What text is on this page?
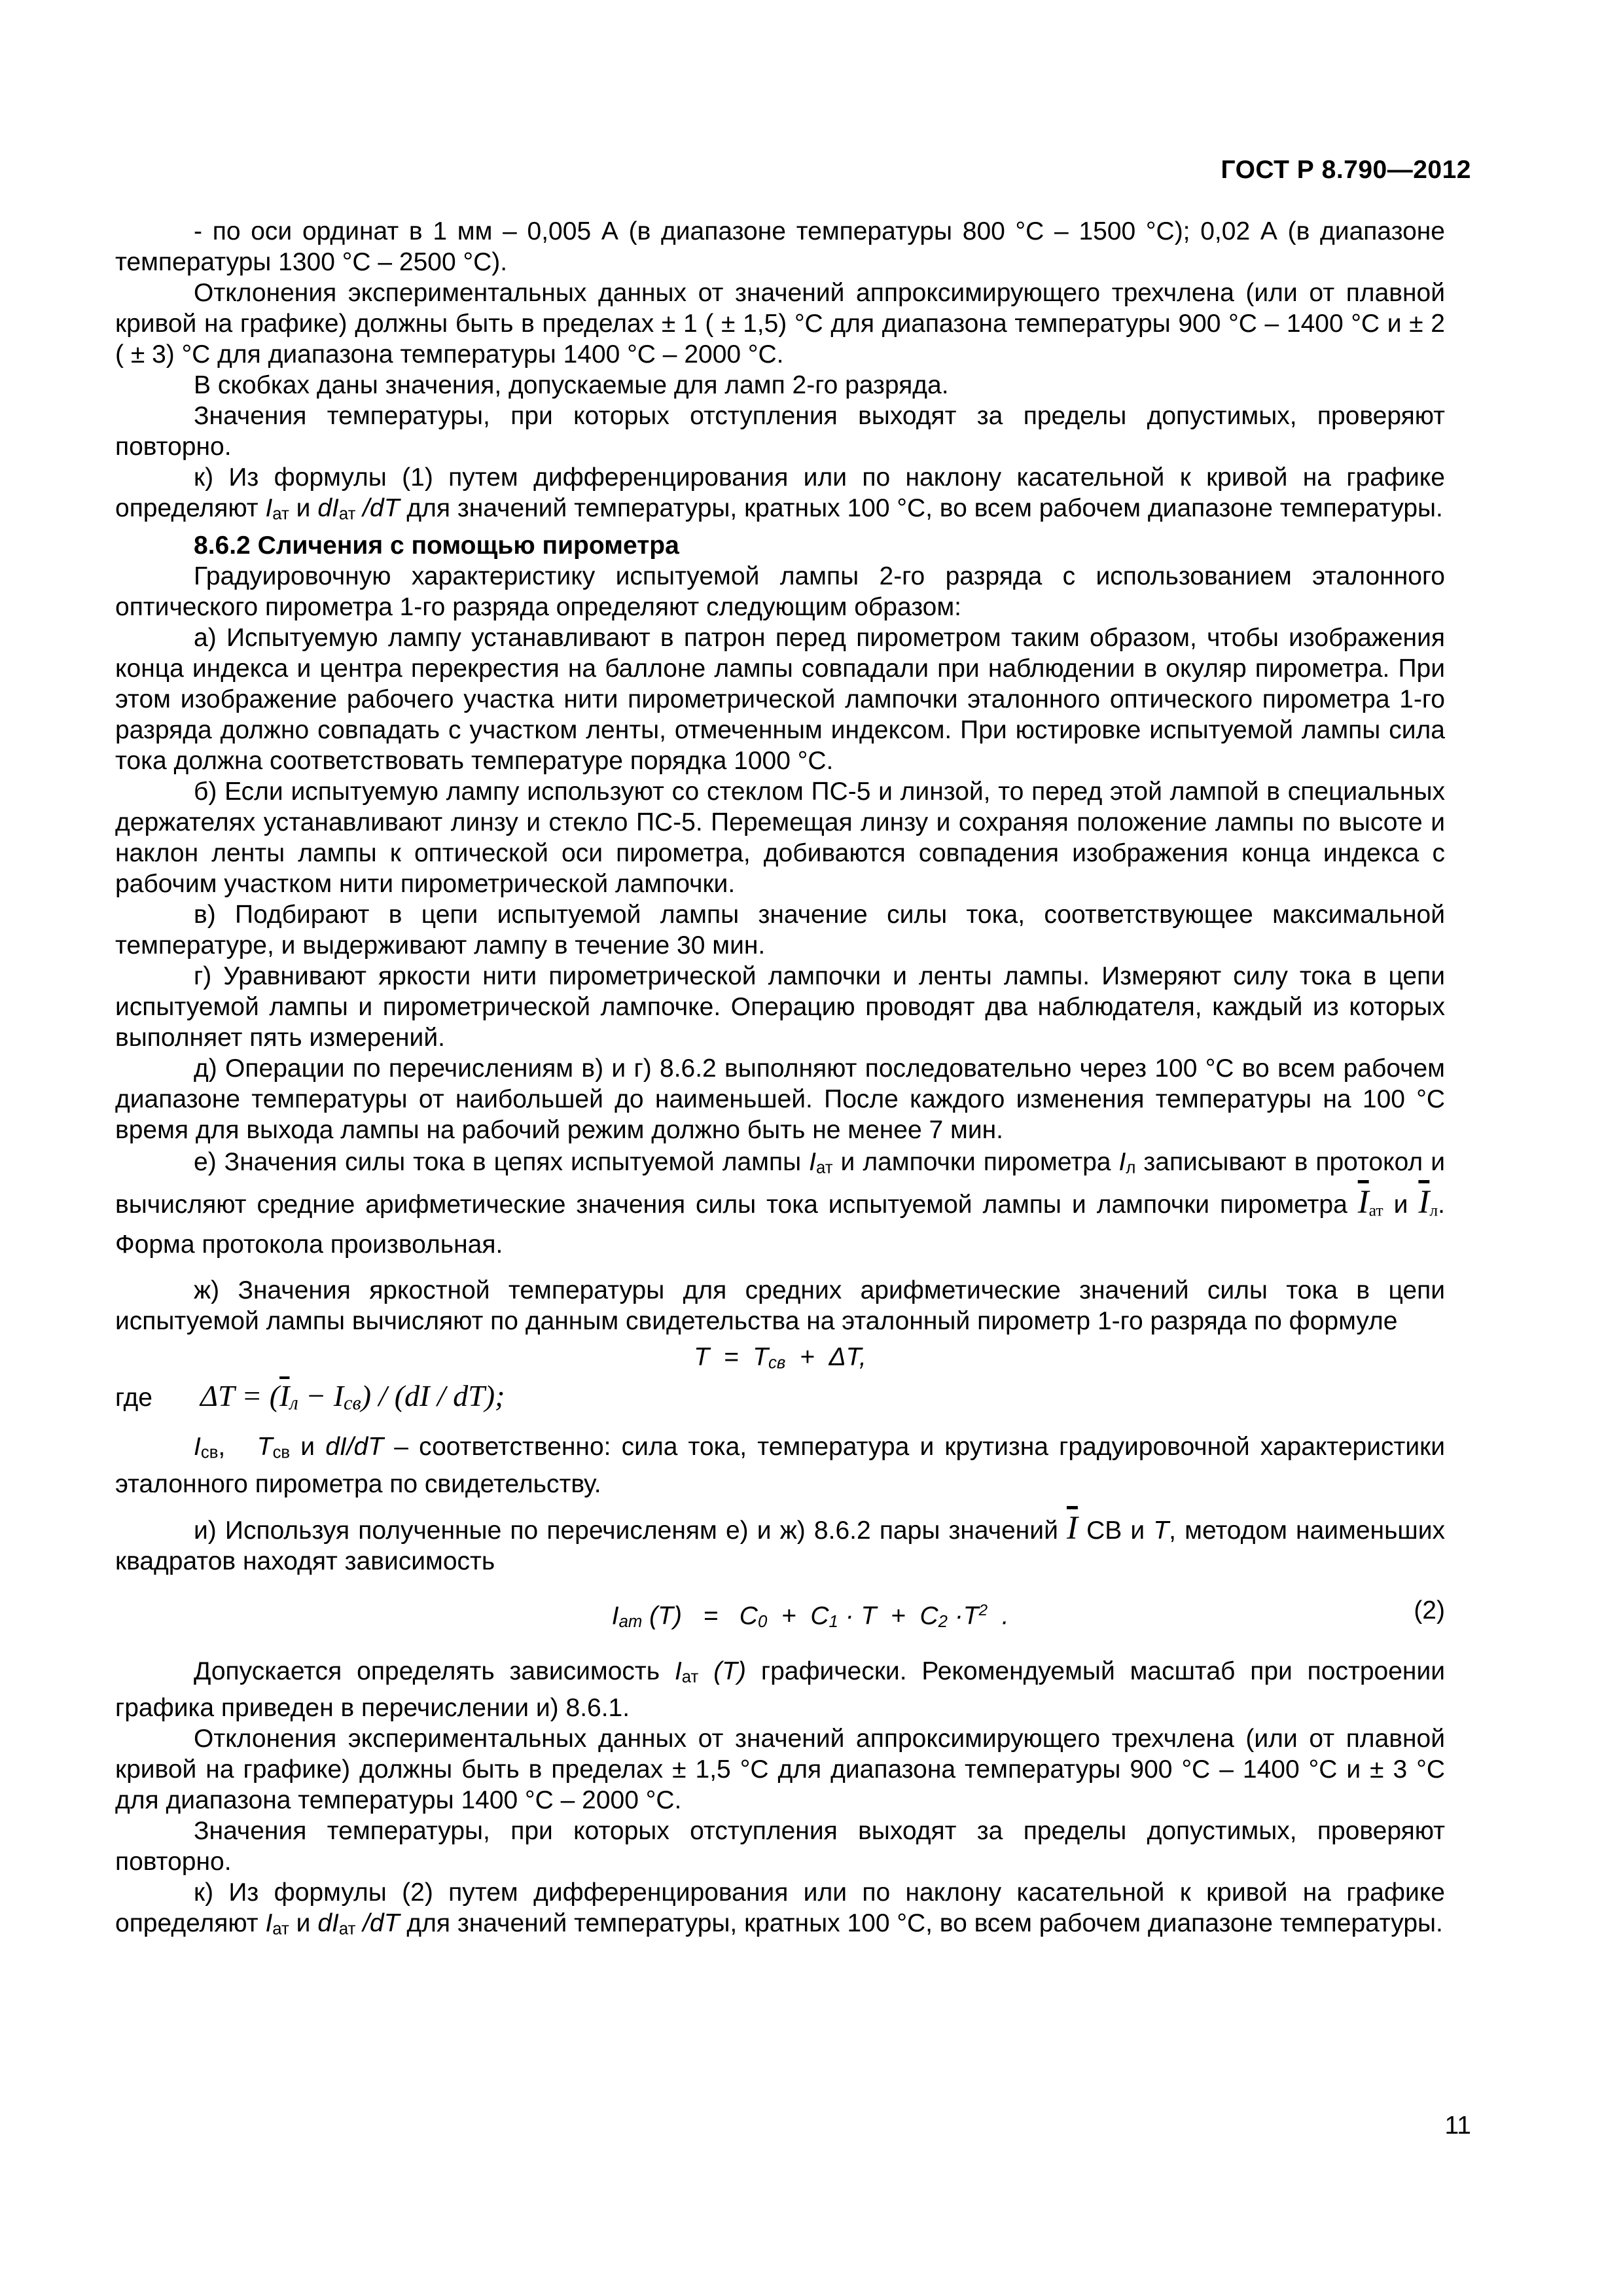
ГОСТ Р 8.790—2012

- по оси ординат в 1 мм – 0,005 А (в диапазоне температуры 800 °С – 1500 °С); 0,02 А (в диапазоне температуры 1300 °С – 2500 °С).

Отклонения экспериментальных данных от значений аппроксимирующего трехчлена (или от плавной кривой на графике) должны быть в пределах ± 1 ( ± 1,5) °С для диапазона температуры 900 °С – 1400 °С и ± 2 ( ± 3) °С для диапазона температуры 1400 °С – 2000 °С.

В скобках даны значения, допускаемые для ламп 2-го разряда.

Значения температуры, при которых отступления выходят за пределы допустимых, проверяют повторно.

к) Из формулы (1) путем дифференцирования или по наклону касательной к кривой на графике определяют Iат и dIат /dT для значений температуры, кратных 100 °С, во всем рабочем диапазоне температуры.

8.6.2 Сличения с помощью пирометра

Градуировочную характеристику испытуемой лампы 2-го разряда с использованием эталонного оптического пирометра 1-го разряда определяют следующим образом:

а) Испытуемую лампу устанавливают в патрон перед пирометром таким образом, чтобы изображения конца индекса и центра перекрестия на баллоне лампы совпадали при наблюдении в окуляр пирометра. При этом изображение рабочего участка нити пирометрической лампочки эталонного оптического пирометра 1-го разряда должно совпадать с участком ленты, отмеченным индексом. При юстировке испытуемой лампы сила тока должна соответствовать температуре порядка 1000 °С.

б) Если испытуемую лампу используют со стеклом ПС-5 и линзой, то перед этой лампой в специальных держателях устанавливают линзу и стекло ПС-5. Перемещая линзу и сохраняя положение лампы по высоте и наклон ленты лампы к оптической оси пирометра, добиваются совпадения изображения конца индекса с рабочим участком нити пирометрической лампочки.

в) Подбирают в цепи испытуемой лампы значение силы тока, соответствующее максимальной температуре, и выдерживают лампу в течение 30 мин.

г) Уравнивают яркости нити пирометрической лампочки и ленты лампы. Измеряют силу тока в цепи испытуемой лампы и пирометрической лампочке. Операцию проводят два наблюдателя, каждый из которых выполняет пять измерений.

д) Операции по перечислениям в) и г) 8.6.2 выполняют последовательно через 100 °С во всем рабочем диапазоне температуры от наибольшей до наименьшей. После каждого изменения температуры на 100 °С время для выхода лампы на рабочий режим должно быть не менее 7 мин.

е) Значения силы тока в цепях испытуемой лампы Iат и лампочки пирометра Iл записывают в протокол и вычисляют средние арифметические значения силы тока испытуемой лампы и лампочки пирометра $\overline{I}ат$ и $\overline{I}л$. Форма протокола произвольная.

ж) Значения яркостной температуры для средних арифметические значений силы тока в цепи испытуемой лампы вычисляют по данным свидетельства на эталонный пирометр 1-го разряда по формуле

T  =  Tсв  +  ΔT,

где	$\Delta T = (\overline{I}л - Iсв) / (dI / dT)$;

Iсв,   Tсв и dI/dT – соответственно: сила тока, температура и крутизна градуировочной характеристики эталонного пирометра по свидетельству.

и) Используя полученные по перечисленям е) и ж) 8.6.2 пары значений $\overline{I}$ СВ и T, методом наименьших квадратов находят зависимость

Iam $(T) = C0 + C1 \cdot T + C2 \cdot T^2$ .	(2)

Допускается определять зависимость Iат (T) графически. Рекомендуемый масштаб при построении графика приведен в перечислении и) 8.6.1.

Отклонения экспериментальных данных от значений аппроксимирующего трехчлена (или от плавной кривой на графике) должны быть в пределах ± 1,5 °С для диапазона температуры 900 °С – 1400 °С и ± 3 °С для диапазона температуры 1400 °С – 2000 °С.

Значения температуры, при которых отступления выходят за пределы допустимых, проверяют повторно.

к) Из формулы (2) путем дифференцирования или по наклону касательной к кривой на графике определяют Iат и dIат /dT для значений температуры, кратных 100 °С, во всем рабочем диапазоне температуры.

11
